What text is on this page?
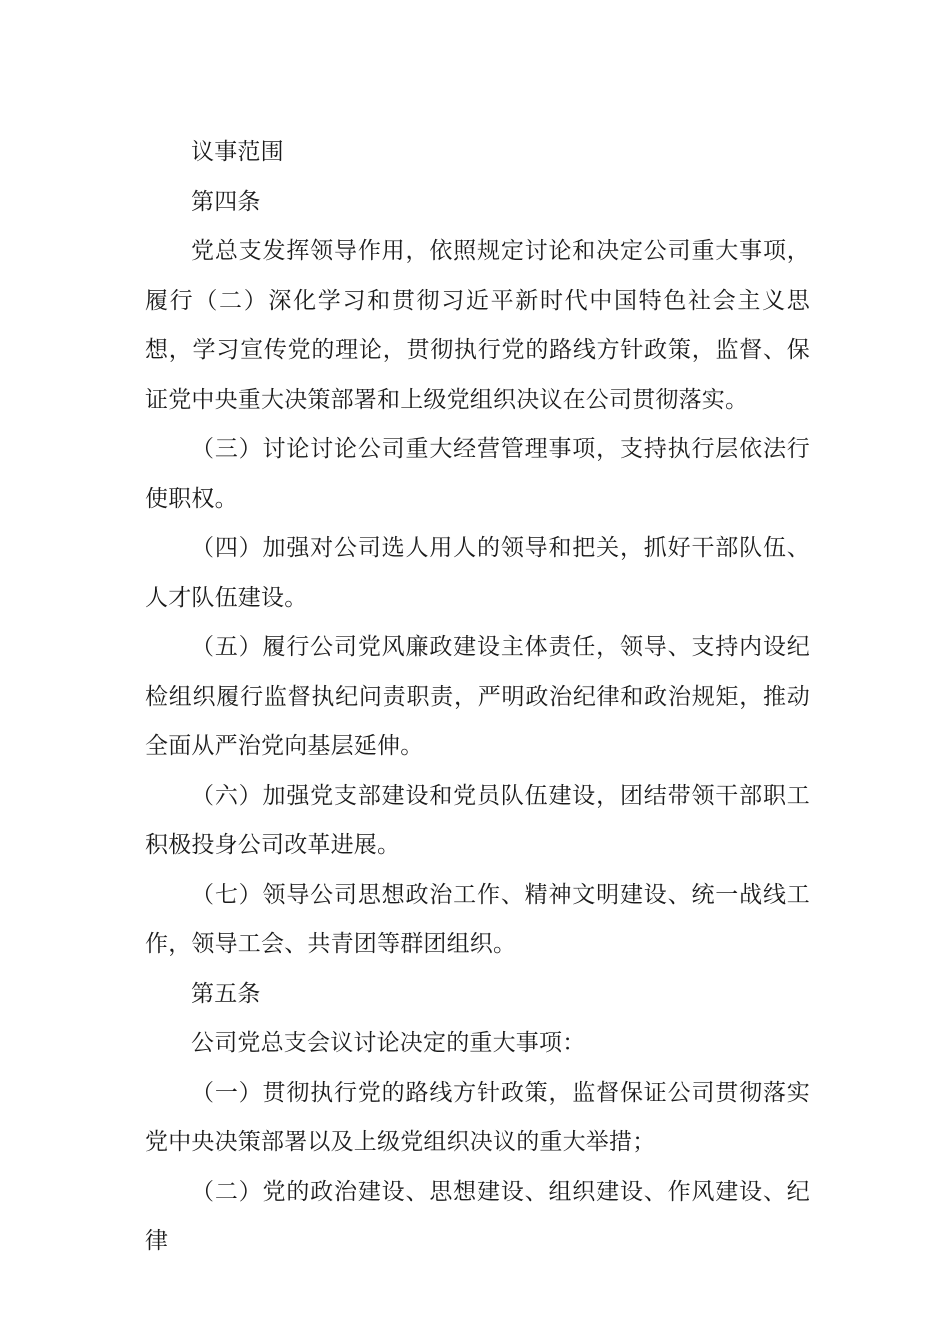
议事范围

第四条

党总支发挥领导作用，依照规定讨论和决定公司重大事项，履行（二）深化学习和贯彻习近平新时代中国特色社会主义思想，学习宣传党的理论，贯彻执行党的路线方针政策，监督、保证党中央重大决策部署和上级党组织决议在公司贯彻落实。

（三）讨论讨论公司重大经营管理事项，支持执行层依法行使职权。

（四）加强对公司选人用人的领导和把关，抓好干部队伍、人才队伍建设。

（五）履行公司党风廉政建设主体责任，领导、支持内设纪检组织履行监督执纪问责职责，严明政治纪律和政治规矩，推动全面从严治党向基层延伸。

（六）加强党支部建设和党员队伍建设，团结带领干部职工积极投身公司改革进展。

（七）领导公司思想政治工作、精神文明建设、统一战线工作，领导工会、共青团等群团组织。

第五条

公司党总支会议讨论决定的重大事项：

（一）贯彻执行党的路线方针政策，监督保证公司贯彻落实党中央决策部署以及上级党组织决议的重大举措；

（二）党的政治建设、思想建设、组织建设、作风建设、纪律
